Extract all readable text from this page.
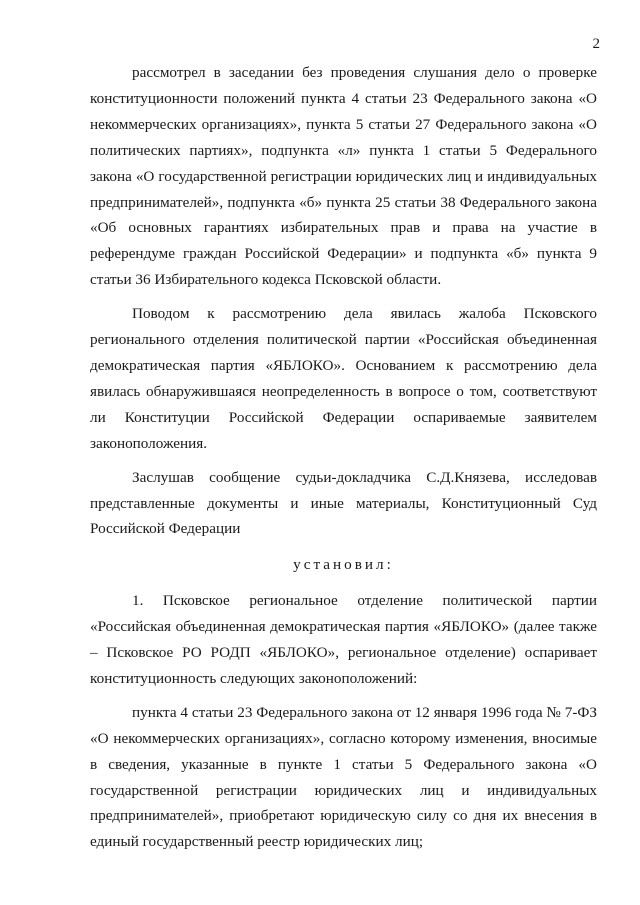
2

рассмотрел в заседании без проведения слушания дело о проверке конституционности положений пункта 4 статьи 23 Федерального закона «О некоммерческих организациях», пункта 5 статьи 27 Федерального закона «О политических партиях», подпункта «л» пункта 1 статьи 5 Федерального закона «О государственной регистрации юридических лиц и индивидуальных предпринимателей», подпункта «б» пункта 25 статьи 38 Федерального закона «Об основных гарантиях избирательных прав и права на участие в референдуме граждан Российской Федерации» и подпункта «б» пункта 9 статьи 36 Избирательного кодекса Псковской области.

Поводом к рассмотрению дела явилась жалоба Псковского регионального отделения политической партии «Российская объединенная демократическая партия «ЯБЛОКО». Основанием к рассмотрению дела явилась обнаружившаяся неопределенность в вопросе о том, соответствуют ли Конституции Российской Федерации оспариваемые заявителем законоположения.

Заслушав сообщение судьи-докладчика С.Д.Князева, исследовав представленные документы и иные материалы, Конституционный Суд Российской Федерации

установил:

1. Псковское региональное отделение политической партии «Российская объединенная демократическая партия «ЯБЛОКО» (далее также – Псковское РО РОДП «ЯБЛОКО», региональное отделение) оспаривает конституционность следующих законоположений:

пункта 4 статьи 23 Федерального закона от 12 января 1996 года № 7-ФЗ «О некоммерческих организациях», согласно которому изменения, вносимые в сведения, указанные в пункте 1 статьи 5 Федерального закона «О государственной регистрации юридических лиц и индивидуальных предпринимателей», приобретают юридическую силу со дня их внесения в единый государственный реестр юридических лиц;
